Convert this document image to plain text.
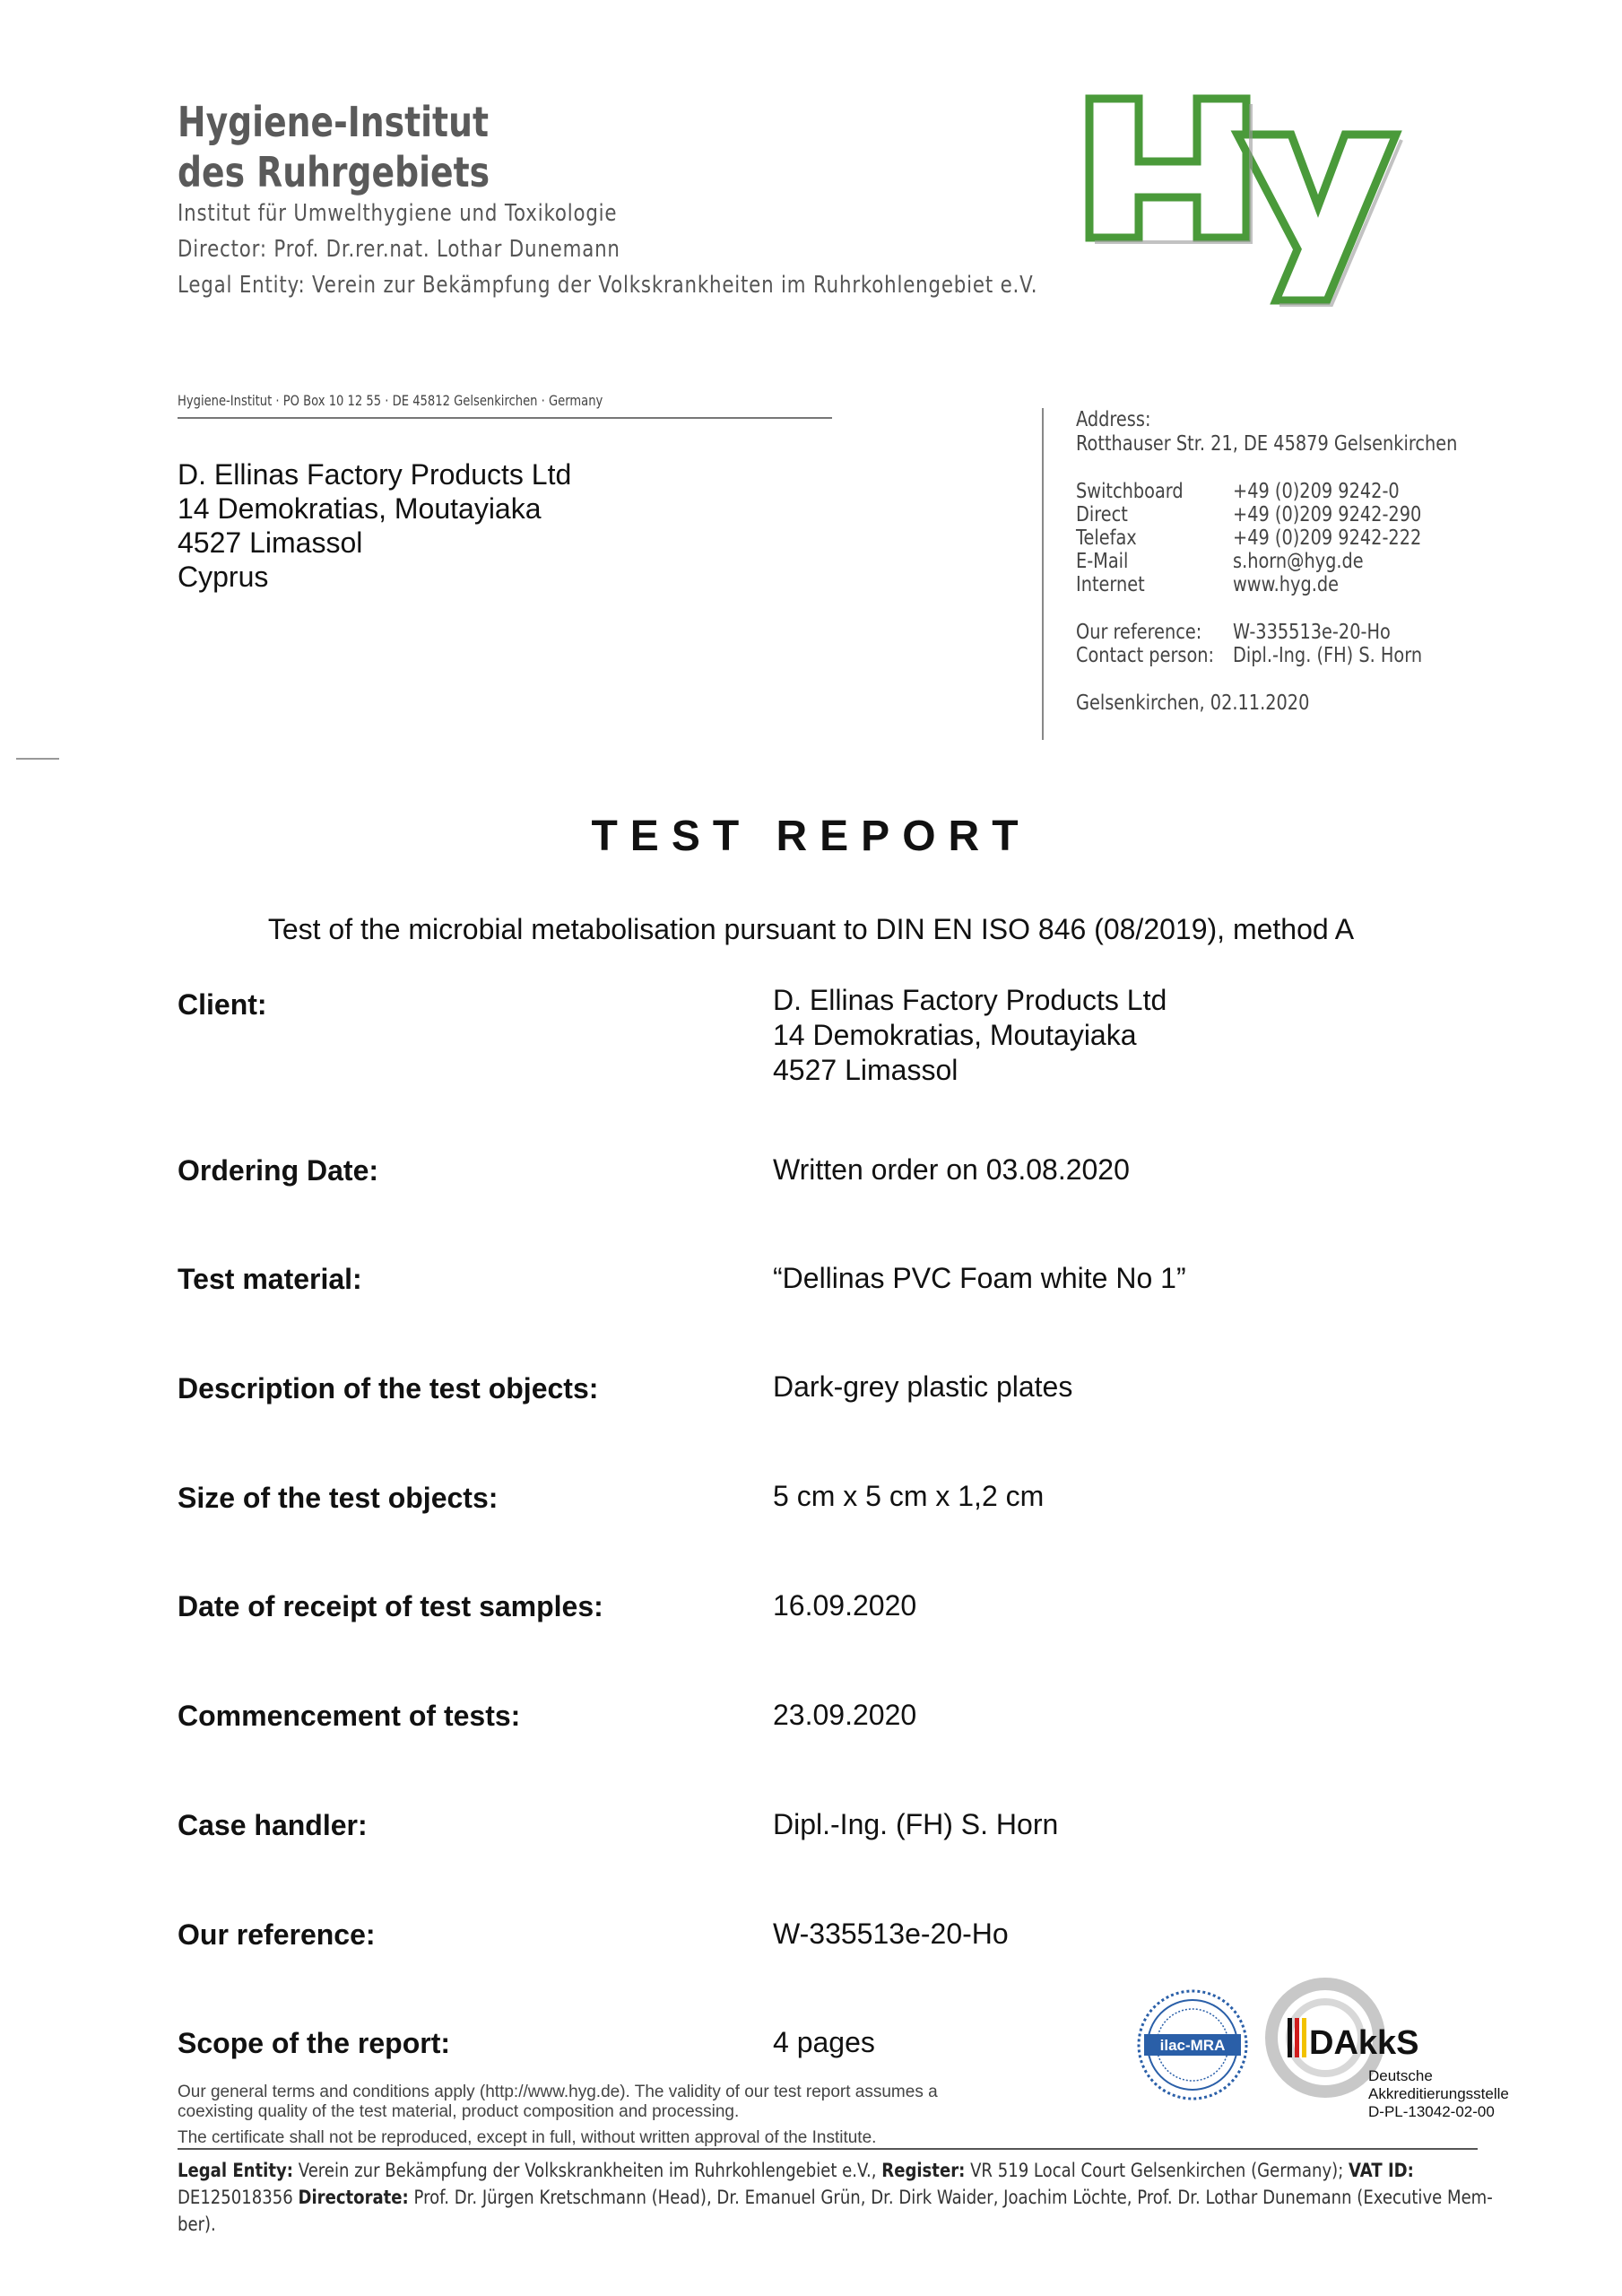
Hygiene-Institut
des Ruhrgebiets
Institut für Umwelthygiene und Toxikologie
Director: Prof. Dr.rer.nat. Lothar Dunemann
Legal Entity: Verein zur Bekämpfung der Volkskrankheiten im Ruhrkohlengebiet e.V.
Hygiene-Institut · PO Box 10 12 55 · DE 45812 Gelsenkirchen · Germany
D. Ellinas Factory Products Ltd
14 Demokratias, Moutayiaka
4527 Limassol
Cyprus
Address:
Rotthauser Str. 21, DE 45879 Gelsenkirchen
Switchboard +49 (0)209 9242-0
Direct	+49 (0)209 9242-290
Telefax	+49 (0)209 9242-222
E-Mail	s.horn@hyg.de
Internet	www.hyg.de
Our reference: W-335513e-20-Ho
Contact person: Dipl.-Ing. (FH) S. Horn
Gelsenkirchen, 02.11.2020
TEST REPORT
Test of the microbial metabolisation pursuant to DIN EN ISO 846 (08/2019), method A
Client:	D. Ellinas Factory Products Ltd
14 Demokratias, Moutayiaka
4527 Limassol
Ordering Date:	Written order on 03.08.2020
Test material:	“Dellinas PVC Foam white No 1”
Description of the test objects:	Dark-grey plastic plates
Size of the test objects:	5 cm x 5 cm x 1,2 cm
Date of receipt of test samples:	16.09.2020
Commencement of tests:	23.09.2020
Case handler:	Dipl.-Ing. (FH) S. Horn
Our reference:	W-335513e-20-Ho
Scope of the report:	4 pages	ilac-MRA DAkkS
Deutsche
Akkreditierungsstelle
D-PL-13042-02-00
Our general terms and conditions apply (http://www.hyg.de). The validity of our test report assumes a
coexisting quality of the test material, product composition and processing.
The certificate shall not be reproduced, except in full, without written approval of the Institute.
Legal Entity: Verein zur Bekämpfung der Volkskrankheiten im Ruhrkohlengebiet e.V., Register: VR 519 Local Court Gelsenkirchen (Germany); VAT ID:
DE125018356 Directorate: Prof. Dr. Jürgen Kretschmann (Head), Dr. Emanuel Grün, Dr. Dirk Waider, Joachim Löchte, Prof. Dr. Lothar Dunemann (Executive Mem-
ber).
